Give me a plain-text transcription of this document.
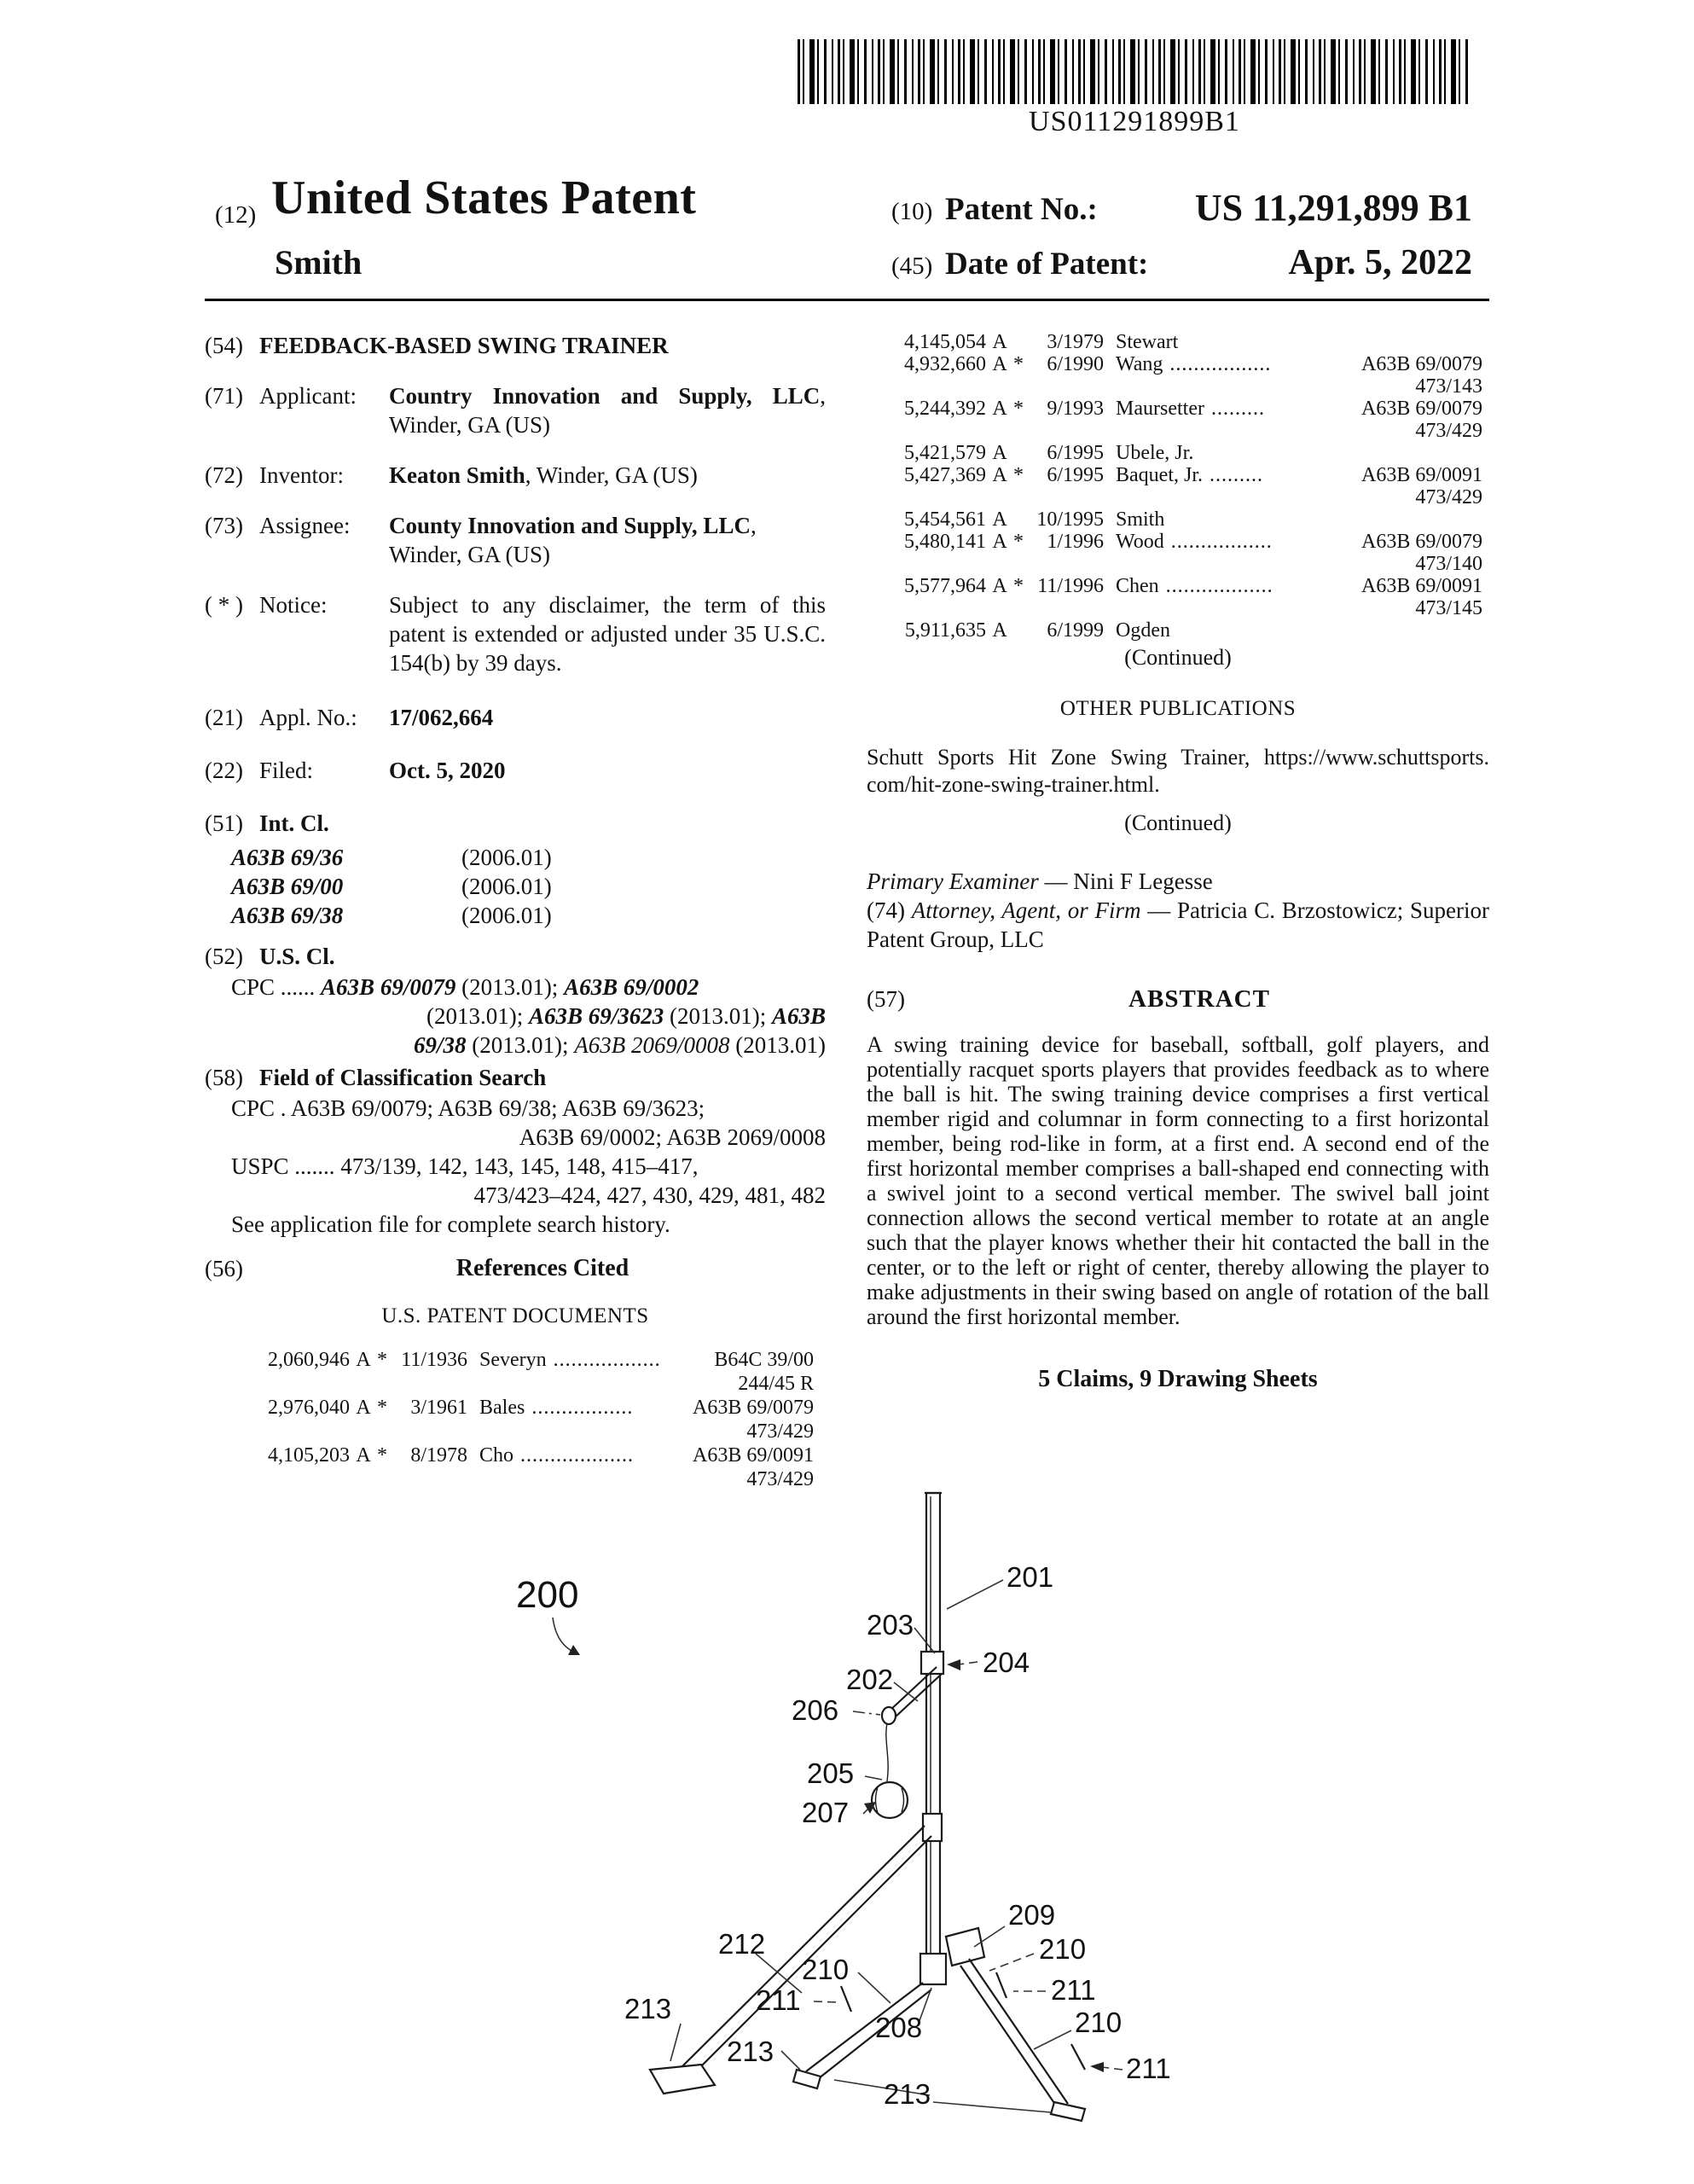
US011291899B1
(12) United States Patent
Smith
(10) Patent No.:	US 11,291,899 B1
(45) Date of Patent:	Apr. 5, 2022
(54) FEEDBACK-BASED SWING TRAINER
(71) Applicant:	Country Innovation and Supply, LLC, Winder, GA (US)
(72) Inventor:	Keaton Smith, Winder, GA (US)
(73) Assignee:	County Innovation and Supply, LLC, Winder, GA (US)
( * ) Notice:	Subject to any disclaimer, the term of this patent is extended or adjusted under 35 U.S.C. 154(b) by 39 days.
(21) Appl. No.:	17/062,664
(22) Filed:	Oct. 5, 2020
(51) Int. Cl.
A63B 69/36	(2006.01)
A63B 69/00	(2006.01)
A63B 69/38	(2006.01)
(52) U.S. Cl.
CPC ...... A63B 69/0079 (2013.01); A63B 69/0002
(2013.01); A63B 69/3623 (2013.01); A63B
69/38 (2013.01); A63B 2069/0008 (2013.01)
(58) Field of Classification Search
CPC . A63B 69/0079; A63B 69/38; A63B 69/3623;
A63B 69/0002; A63B 2069/0008
USPC ....... 473/139, 142, 143, 145, 148, 415–417,
473/423–424, 427, 430, 429, 481, 482
See application file for complete search history.
(56)	References Cited
U.S. PATENT DOCUMENTS
2,060,946 A * 11/1936 Severyn ..................	B64C 39/00
244/45 R
2,976,040 A *	3/1961 Bales .................	A63B 69/0079
473/429
4,105,203 A *	8/1978 Cho ...................	A63B 69/0091
473/429
4,145,054 A	3/1979 Stewart
4,932,660 A *	6/1990 Wang .................	A63B 69/0079
473/143
5,244,392 A *	9/1993 Maursetter .........	A63B 69/0079
473/429
5,421,579 A	6/1995 Ubele, Jr.
5,427,369 A *	6/1995 Baquet, Jr. .........	A63B 69/0091
473/429
5,454,561 A	10/1995 Smith
5,480,141 A *	1/1996 Wood .................	A63B 69/0079
473/140
5,577,964 A * 11/1996 Chen ..................	A63B 69/0091
473/145
5,911,635 A	6/1999 Ogden
(Continued)
OTHER PUBLICATIONS
Schutt Sports Hit Zone Swing Trainer, https://www.schuttsports. com/hit-zone-swing-trainer.html.
(Continued)
Primary Examiner — Nini F Legesse
(74) Attorney, Agent, or Firm — Patricia C. Brzostowicz; Superior Patent Group, LLC
(57)	ABSTRACT
A swing training device for baseball, softball, golf players, and potentially racquet sports players that provides feedback as to where the ball is hit. The swing training device comprises a first vertical member rigid and columnar in form connecting to a first horizontal member, being rod-like in form, at a first end. A second end of the first horizontal member comprises a ball-shaped end connecting with a swivel joint to a second vertical member. The swivel ball joint connection allows the second vertical member to rotate at an angle such that the player knows whether their hit contacted the ball in the center, or to the left or right of center, thereby allowing the player to make adjustments in their swing based on angle of rotation of the ball around the first horizontal member.
5 Claims, 9 Drawing Sheets
200	201
203
204
202
206
205
207
209
210
211
212
210
211
208
213
213
210
211
213
